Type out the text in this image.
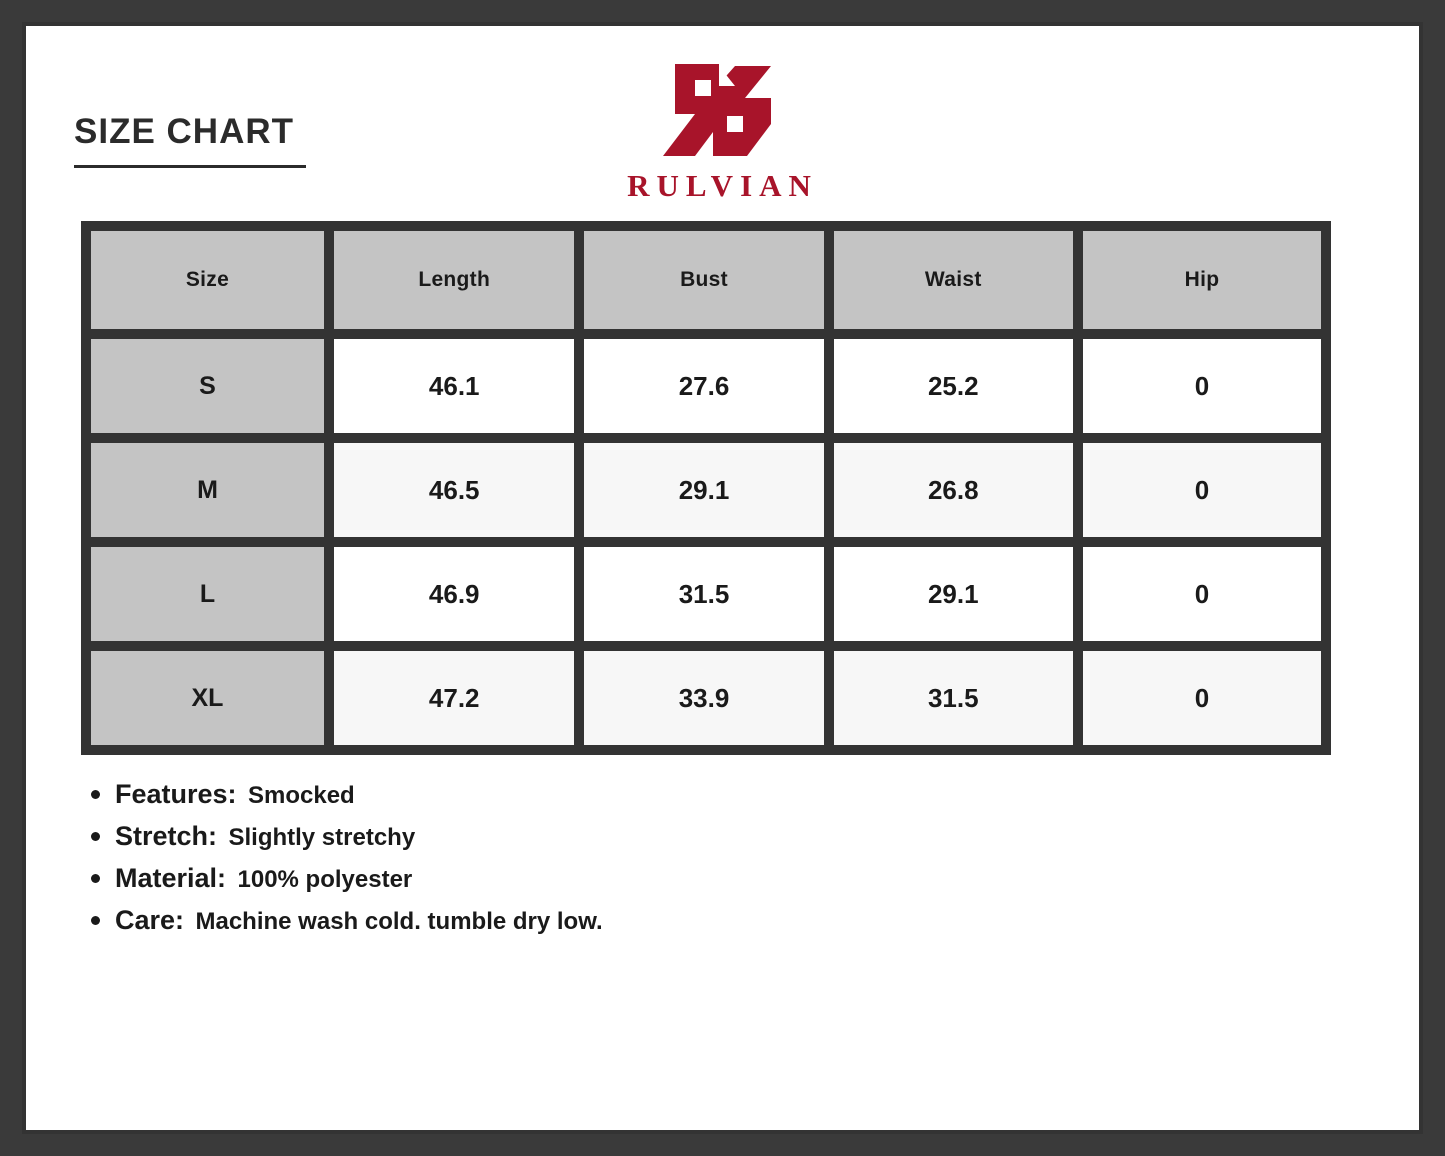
SIZE CHART
RULVIAN
Size	Length	Bust	Waist	Hip
S	46.1	27.6	25.2	0
M	46.5	29.1	26.8	0
L	46.9	31.5	29.1	0
XL	47.2	33.9	31.5	0
Features: Smocked
Stretch: Slightly stretchy
Material: 100% polyester
Care: Machine wash cold. tumble dry low.
